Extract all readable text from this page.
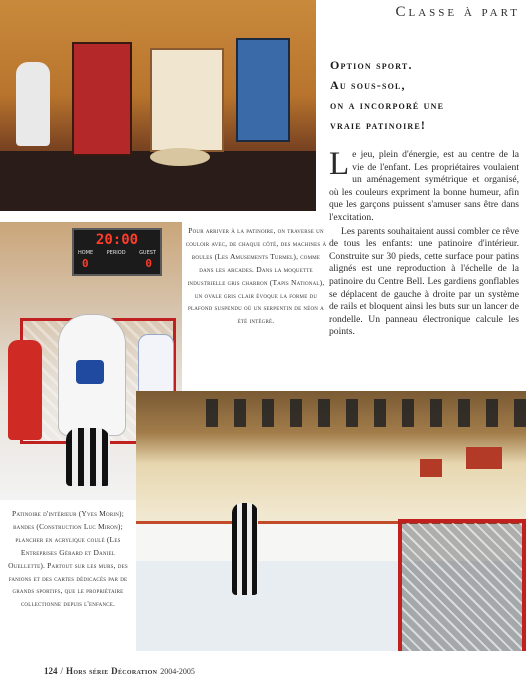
20:00
HOME	PERIOD	GUEST
0	0
Classe à part
Option sport.
Au sous-sol,
on a incorporé une
vraie patinoire!

Le jeu, plein d'énergie, est au centre de la vie de l'enfant. Les propriétaires voulaient un aménagement symétrique et organisé, où les couleurs expriment la bonne humeur, afin que les garçons puissent s'amuser sans être dans l'excitation.

Les parents souhaitaient aussi combler ce rêve de tous les enfants: une patinoire d'intérieur. Construite sur 30 pieds, cette surface pour patins alignés est une reproduction à l'échelle de la patinoire du Centre Bell. Les gardiens gonflables se déplacent de gauche à droite par un système de rails et bloquent ainsi les buts sur un lancer de rondelle. Un panneau électronique calcule les points.

Pour arriver à la patinoire, on traverse un couloir avec, de chaque côté, des machines à boules (Les Amusements Turmel), comme dans les arcades. Dans la moquette industrielle gris charbon (Tapis National), un ovale gris clair évoque la forme du plafond suspendu où un serpentin de néon a été intégré.
Patinoire d'intérieur (Yves Morin); bandes (Construction Luc Miron); plancher en acrylique coulé (Les Entreprises Gérard et Daniel Ouellette). Partout sur les murs, des fanions et des cartes dédicacés par de grands sportifs, que le propriétaire collectionne depuis l'enfance.
124 / Hors série Décoration 2004-2005
